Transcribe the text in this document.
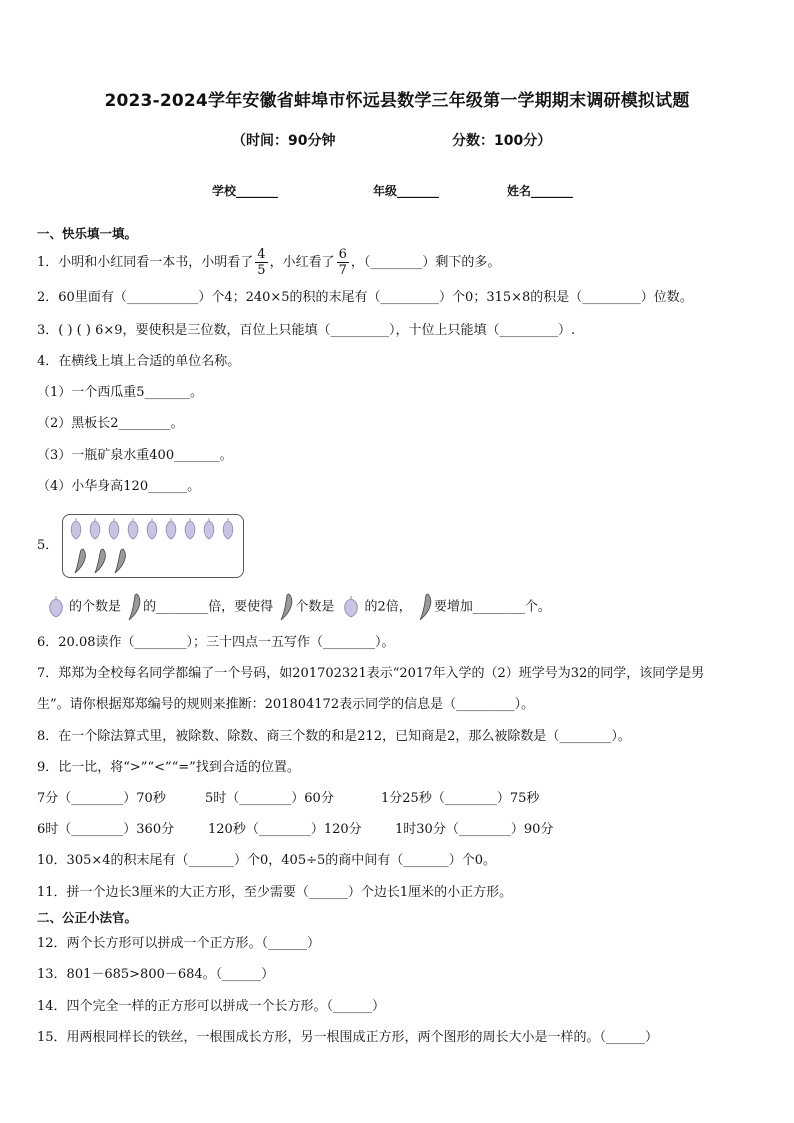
2023-2024学年安徽省蚌埠市怀远县数学三年级第一学期期末调研模拟试题
（时间：90分钟	分数：100分）
学校_______	年级_______	姓名_______
一、快乐填一填。
1．小明和小红同看一本书，小明看了 $\frac{4}{5}$ ，小红看了 $\frac{6}{7}$ ，（________）剩下的多。
2．60里面有（___________）个4；240×5的积的末尾有（_________）个0；315×8的积是（_________）位数。
3．( ) ( ) 6×9，要使积是三位数，百位上只能填（_________），十位上只能填（_________）.
4．在横线上填上合适的单位名称。
（1）一个西瓜重5_______。
（2）黑板长2________。
（3）一瓶矿泉水重400_______。
（4）小华身高120______。
5．
的个数是 的________倍，要使得 个数是 的2倍， 要增加________个。
6．20.08读作（________）；三十四点一五写作（________）。
7．郑郑为全校每名同学都编了一个号码，如201702321表示“2017年入学的（2）班学号为32的同学，该同学是男
生”。请你根据郑郑编号的规则来推断：201804172表示同学的信息是（_________）。
8．在一个除法算式里，被除数、除数、商三个数的和是212，已知商是2，那么被除数是（________）。
9．比一比，将“>”“<”“=”找到合适的位置。
7分（________）70秒	5时（________）60分	1分25秒（________）75秒
6时（________）360分	120秒（________）120分	1时30分（________）90分
10．305×4的积末尾有（_______）个0，405÷5的商中间有（_______）个0。
11．拼一个边长3厘米的大正方形，至少需要（______）个边长1厘米的小正方形。
二、公正小法官。
12．两个长方形可以拼成一个正方形。（______）
13．801－685>800－684。（______）
14．四个完全一样的正方形可以拼成一个长方形。（______）
15．用两根同样长的铁丝，一根围成长方形，另一根围成正方形，两个图形的周长大小是一样的。（______）
